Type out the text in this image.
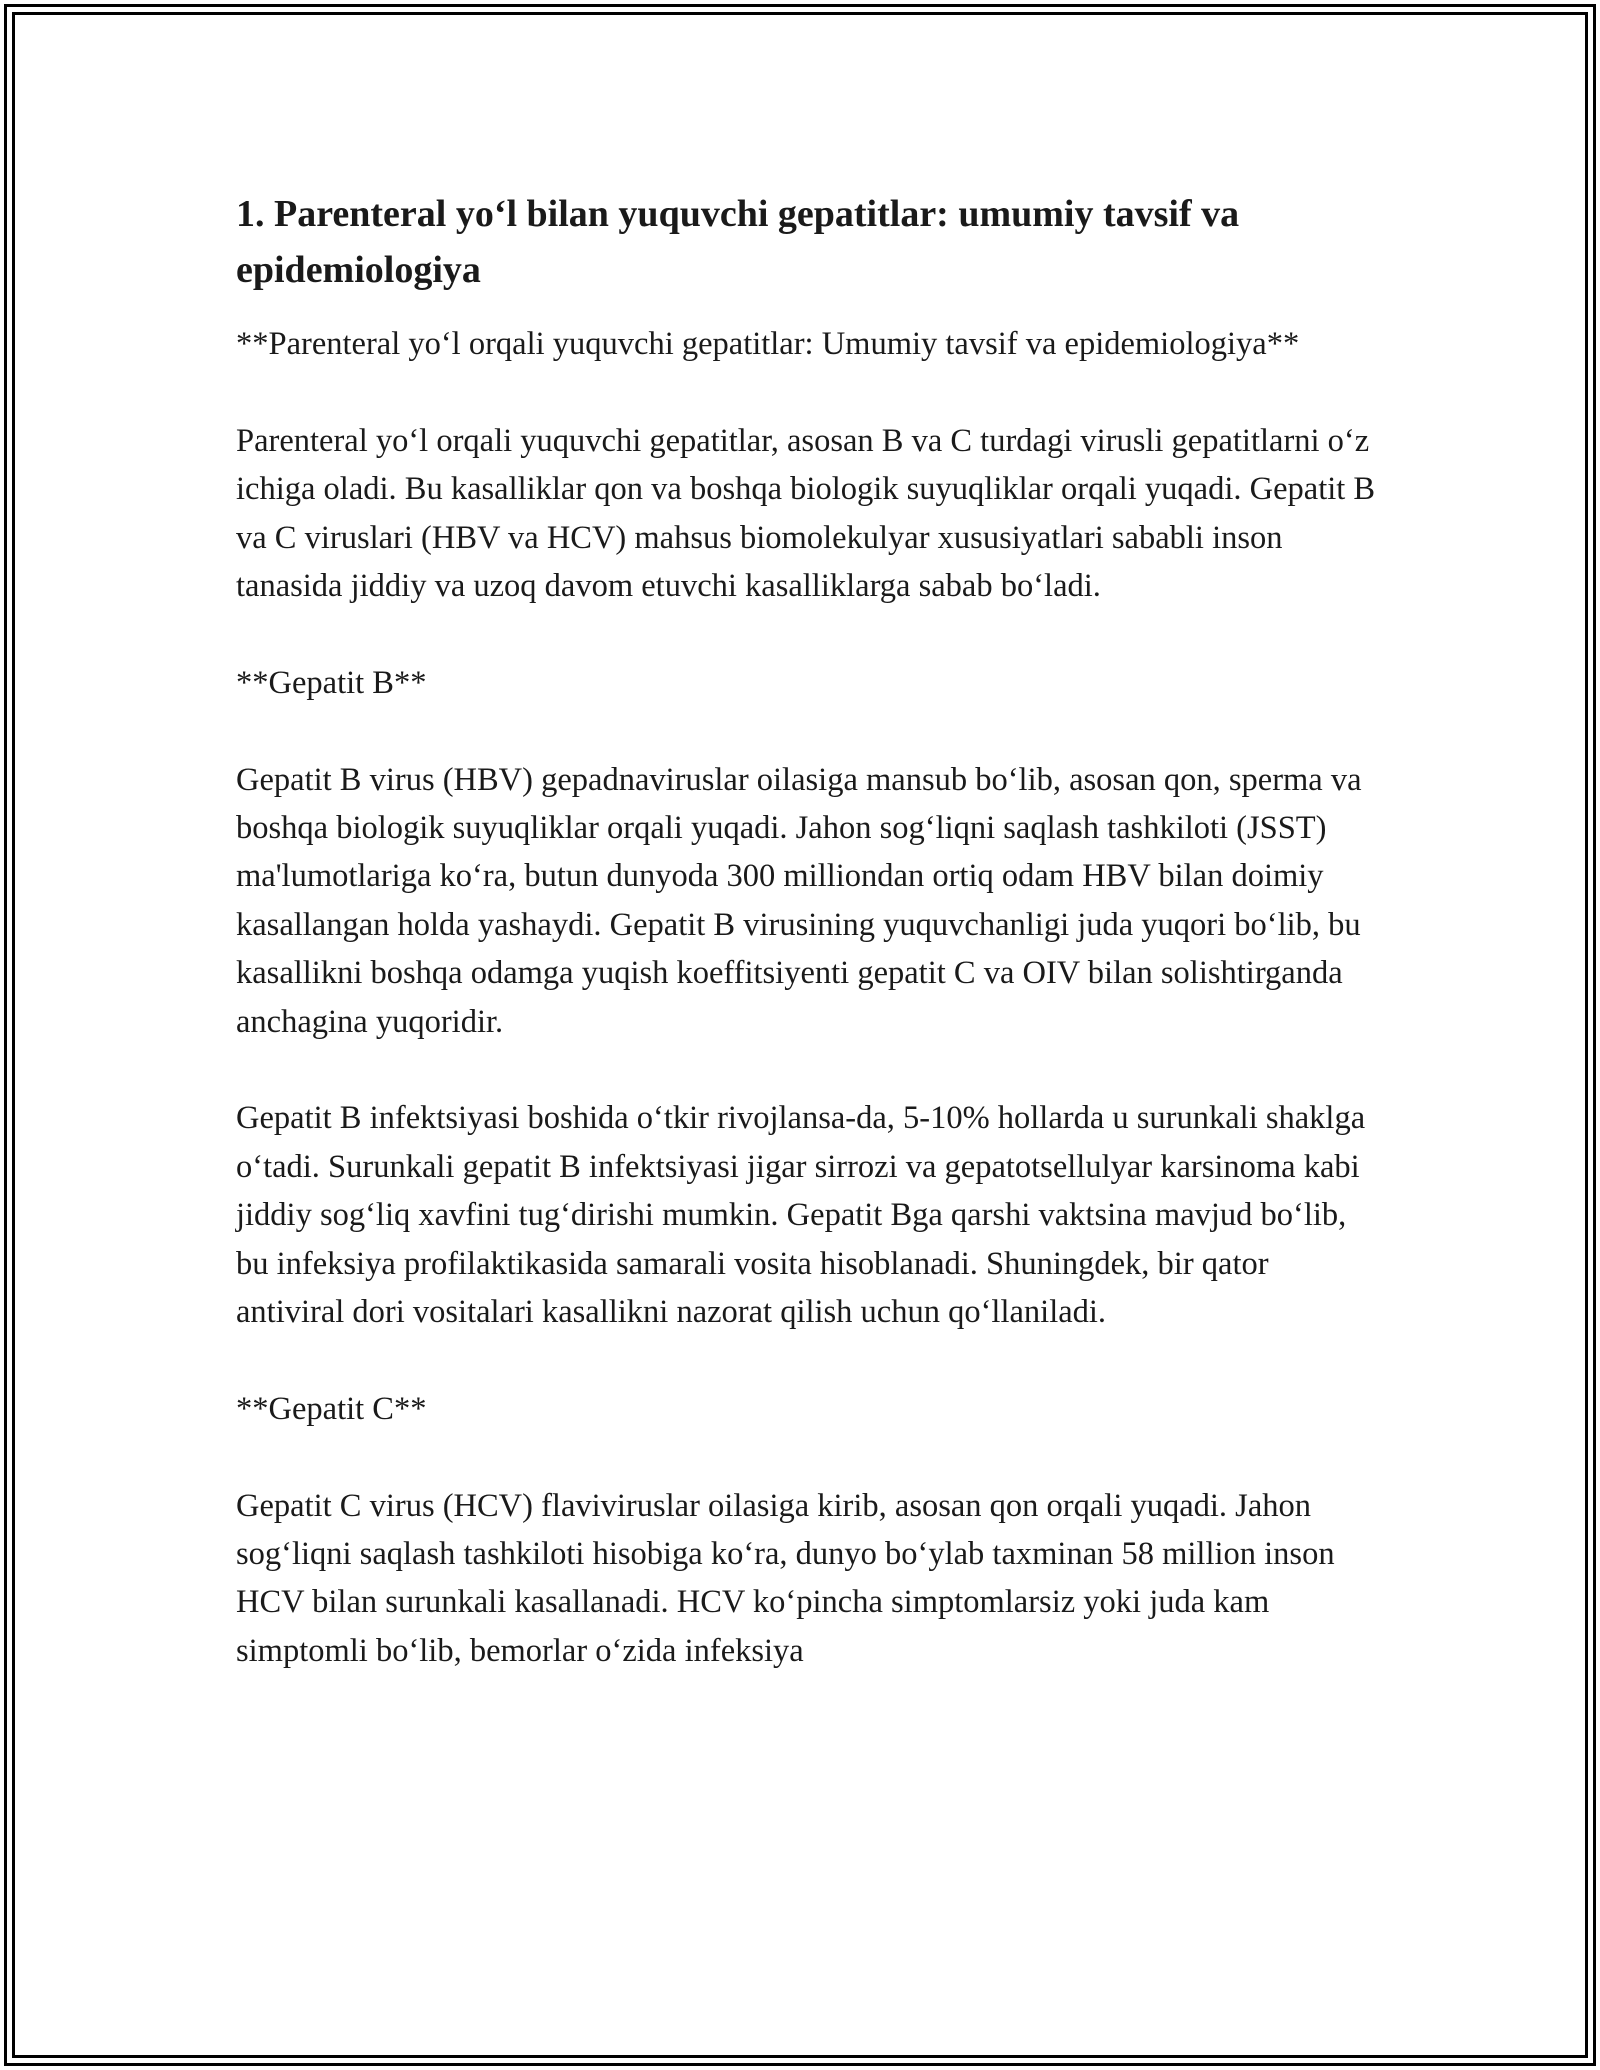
1. Parenteral yo‘l bilan yuquvchi gepatitlar: umumiy tavsif va epidemiologiya

**Parenteral yo‘l orqali yuquvchi gepatitlar: Umumiy tavsif va epidemiologiya**

Parenteral yo‘l orqali yuquvchi gepatitlar, asosan B va C turdagi virusli gepatitlarni o‘z ichiga oladi. Bu kasalliklar qon va boshqa biologik suyuqliklar orqali yuqadi. Gepatit B va C viruslari (HBV va HCV) mahsus biomolekulyar xususiyatlari sababli inson tanasida jiddiy va uzoq davom etuvchi kasalliklarga sabab bo‘ladi.

**Gepatit B**

Gepatit B virus (HBV) gepadnaviruslar oilasiga mansub bo‘lib, asosan qon, sperma va boshqa biologik suyuqliklar orqali yuqadi. Jahon sog‘liqni saqlash tashkiloti (JSST) ma'lumotlariga ko‘ra, butun dunyoda 300 milliondan ortiq odam HBV bilan doimiy kasallangan holda yashaydi. Gepatit B virusining yuquvchanligi juda yuqori bo‘lib, bu kasallikni boshqa odamga yuqish koeffitsiyenti gepatit C va OIV bilan solishtirganda anchagina yuqoridir.

Gepatit B infektsiyasi boshida o‘tkir rivojlansa-da, 5-10% hollarda u surunkali shaklga o‘tadi. Surunkali gepatit B infektsiyasi jigar sirrozi va gepatotsellulyar karsinoma kabi jiddiy sog‘liq xavfini tug‘dirishi mumkin. Gepatit Bga qarshi vaktsina mavjud bo‘lib, bu infeksiya profilaktikasida samarali vosita hisoblanadi. Shuningdek, bir qator antiviral dori vositalari kasallikni nazorat qilish uchun qo‘llaniladi.

**Gepatit C**

Gepatit C virus (HCV) flaviviruslar oilasiga kirib, asosan qon orqali yuqadi. Jahon sog‘liqni saqlash tashkiloti hisobiga ko‘ra, dunyo bo‘ylab taxminan 58 million inson HCV bilan surunkali kasallanadi. HCV ko‘pincha simptomlarsiz yoki juda kam simptomli bo‘lib, bemorlar o‘zida infeksiya
